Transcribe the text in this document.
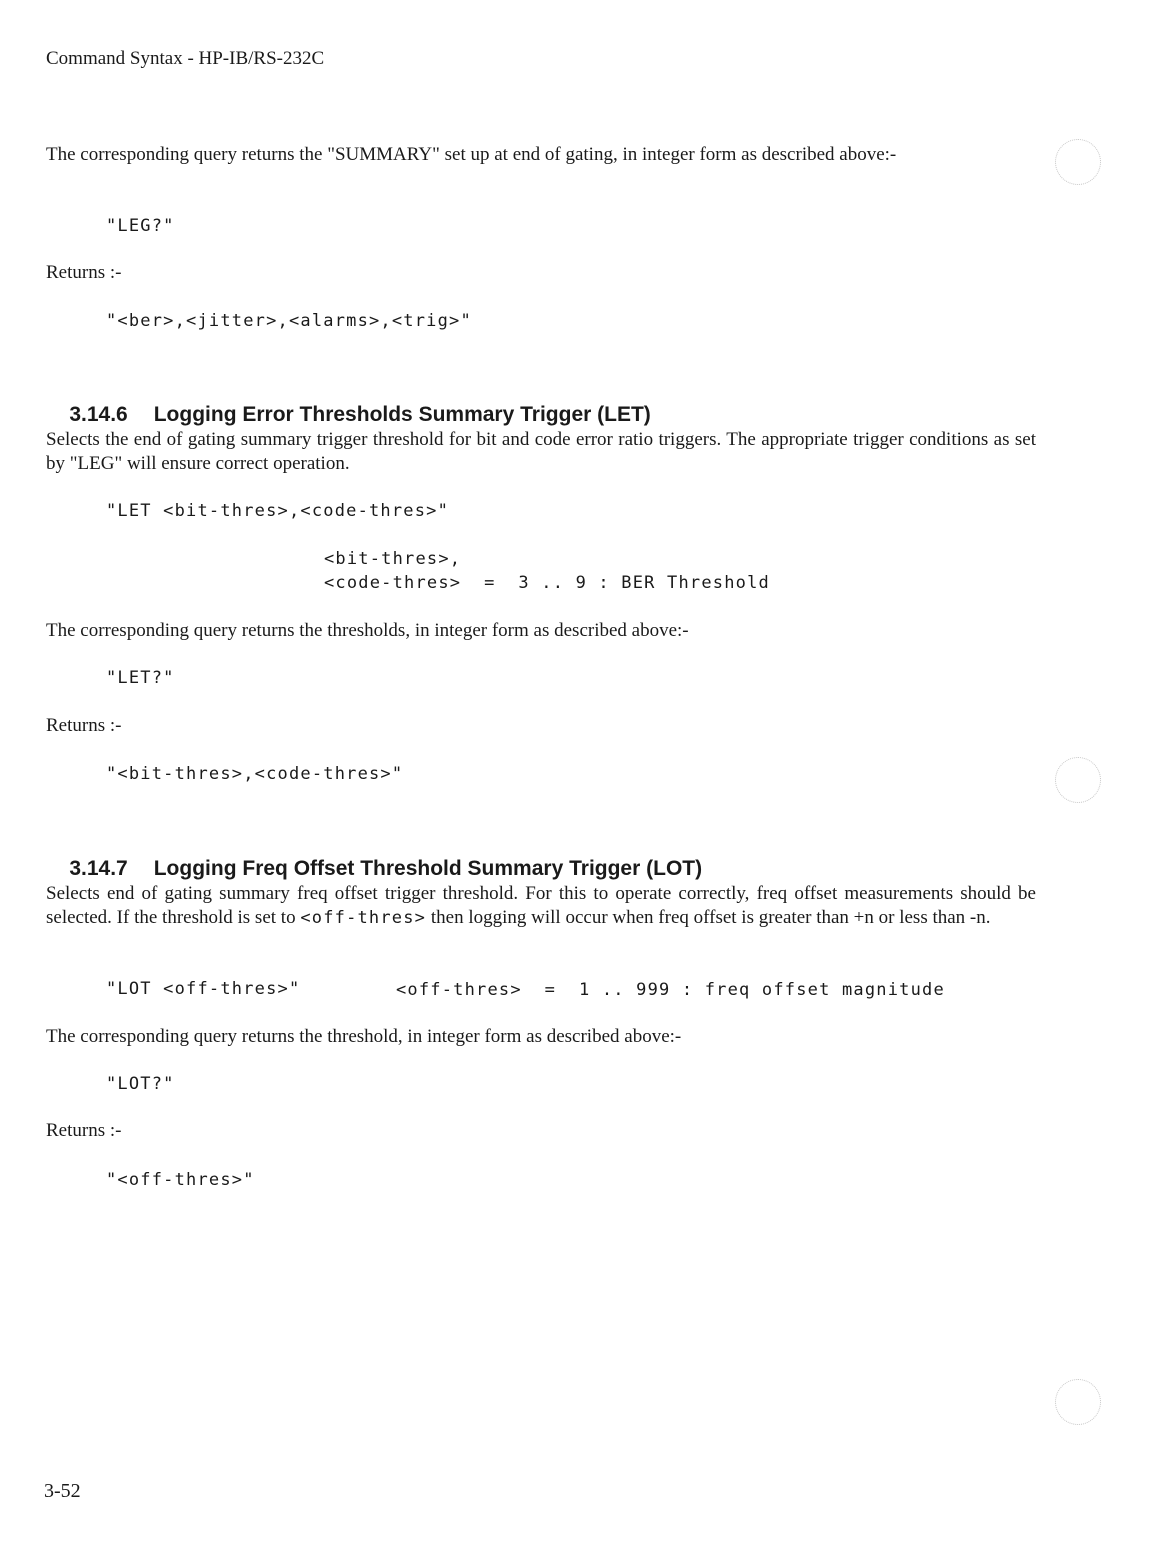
Command Syntax - HP-IB/RS-232C

The corresponding query returns the "SUMMARY" set up at end of gating, in integer form as described above:-

"LEG?"
Returns :-
"<ber>,<jitter>,<alarms>,<trig>"

3.14.6 Logging Error Thresholds Summary Trigger (LET)

Selects the end of gating summary trigger threshold for bit and code error ratio triggers. The appropriate trigger conditions as set by "LEG" will ensure correct operation.

"LET <bit-thres>,<code-thres>"
<bit-thres>,
<code-thres>  =  3 .. 9 : BER Threshold
The corresponding query returns the thresholds, in integer form as described above:-
"LET?"
Returns :-
"<bit-thres>,<code-thres>"

3.14.7 Logging Freq Offset Threshold Summary Trigger (LOT)

Selects end of gating summary freq offset trigger threshold. For this to operate correctly, freq offset measurements should be selected. If the threshold is set to <off-thres> then logging will occur when freq offset is greater than +n or less than -n.

"LOT <off-thres>"	<off-thres>  =  1 .. 999 : freq offset magnitude
The corresponding query returns the threshold, in integer form as described above:-
"LOT?"
Returns :-
"<off-thres>"
3-52
